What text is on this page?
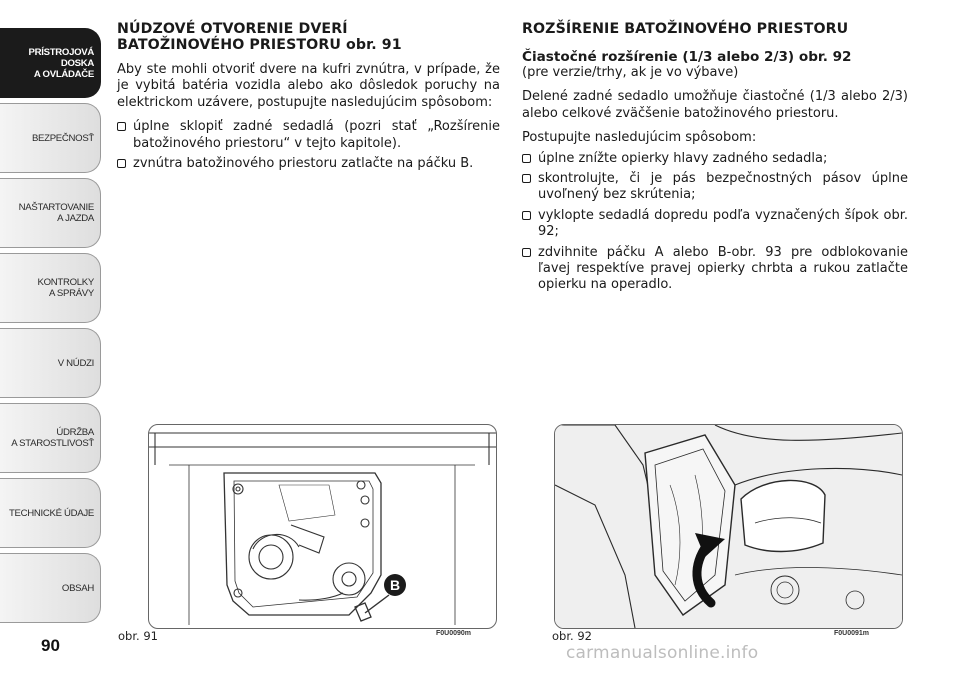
PRÍSTROJOVÁ
DOSKA
A OVLÁDAČE
BEZPEČNOSŤ
NAŠTARTOVANIE
A JAZDA
KONTROLKY
A SPRÁVY
V NÚDZI
ÚDRŽBA
A STAROSTLIVOSŤ
TECHNICKÉ ÚDAJE
OBSAH
90
NÚDZOVÉ OTVORENIE DVERÍ
BATOŽINOVÉHO PRIESTORU obr. 91

Aby ste mohli otvoriť dvere na kufri zvnútra, v prípade, že je vybitá batéria vozidla alebo ako dôsledok poruchy na elektrickom uzávere, postupujte nasledujúcim spôsobom:

úplne sklopiť zadné sedadlá (pozri stať „Rozšírenie batožinového priestoru“ v tejto kapitole).
zvnútra batožinového priestoru zatlačte na páčku B.
ROZŠÍRENIE BATOŽINOVÉHO PRIESTORU
Čiastočné rozšírenie (1/3 alebo 2/3) obr. 92

(pre verzie/trhy, ak je vo výbave)

Delené zadné sedadlo umožňuje čiastočné (1/3 alebo 2/3) alebo celkové zväčšenie batožinového priestoru.

Postupujte nasledujúcim spôsobom:

úplne znížte opierky hlavy zadného sedadla;
skontrolujte, či je pás bezpečnostných pásov úplne uvoľnený bez skrútenia;
vyklopte sedadlá dopredu podľa vyznačených šípok obr. 92;
zdvihnite páčku A alebo B-obr. 93 pre odblokovanie ľavej respektíve pravej opierky chrbta a rukou zatlačte opierku na operadlo.
B
obr. 91	F0U0090m	obr. 92	F0U0091m
carmanualsonline.info
